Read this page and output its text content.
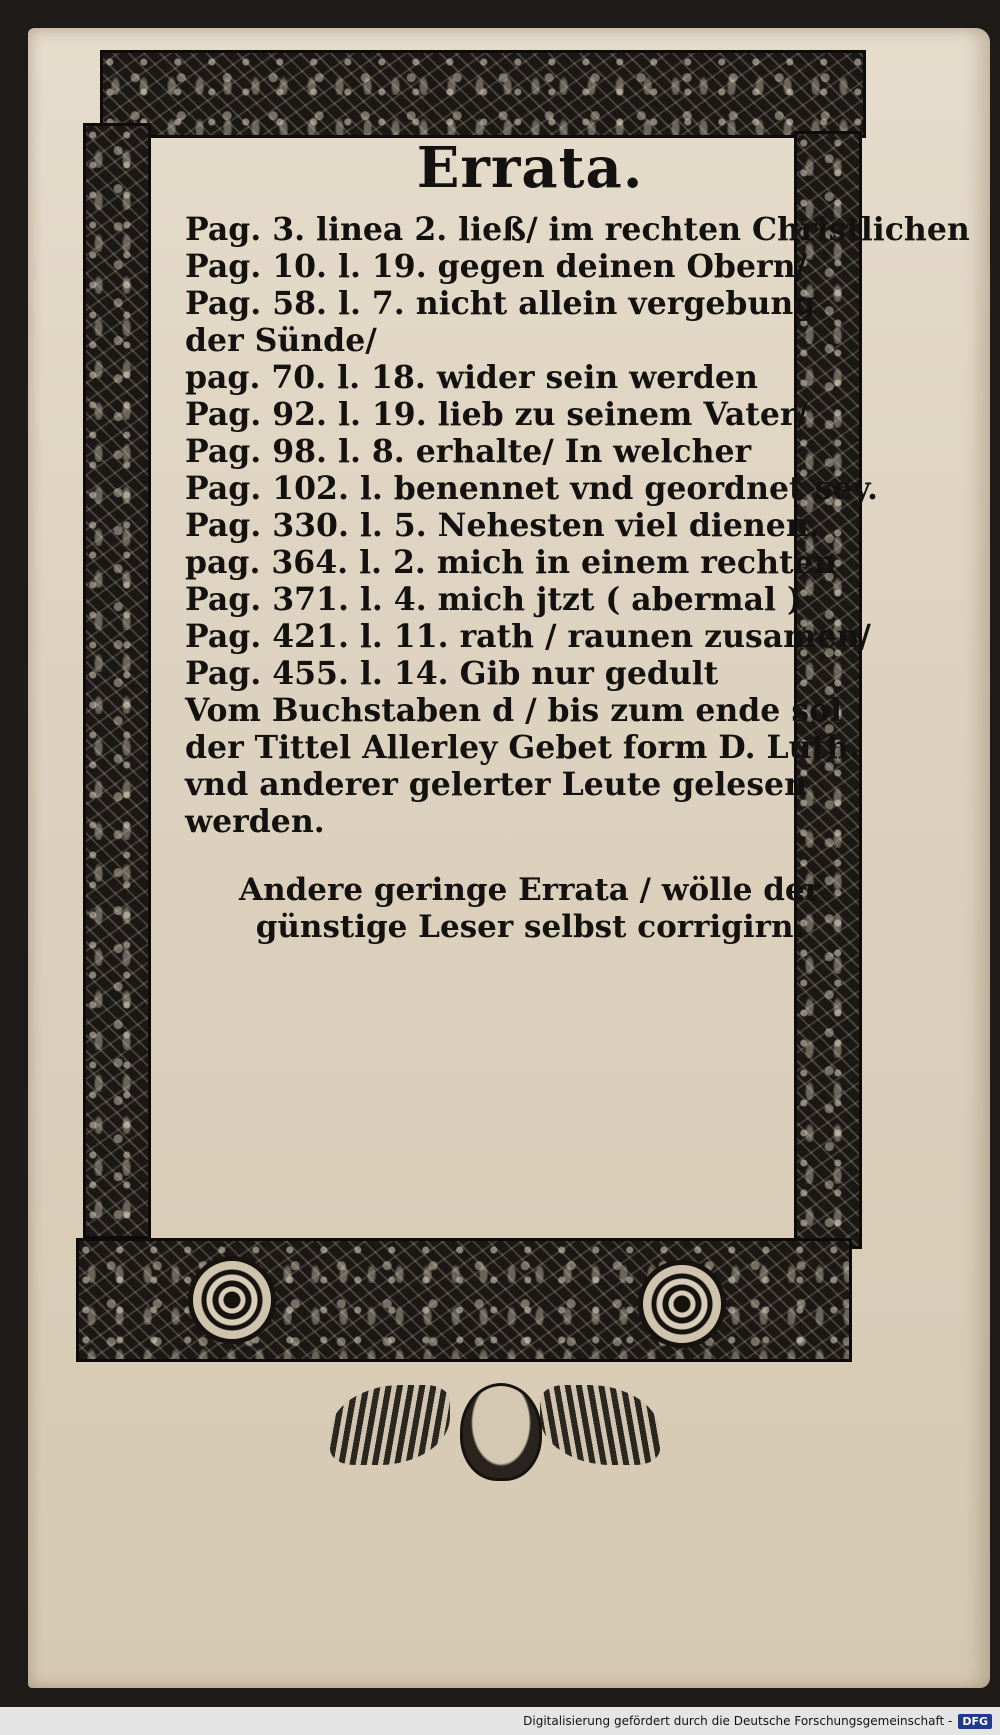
Errata.
Pag. 3. linea 2. ließ/ im rechten Christlichen
Pag. 10. l. 19. gegen deinen Obern/
Pag. 58. l. 7. nicht allein vergebung der Sünde/
pag. 70. l. 18. wider sein werden
Pag. 92. l. 19. lieb zu seinem Vater/
Pag. 98. l. 8. erhalte/ In welcher
Pag. 102. l. benennet vnd geordnet sey.
Pag. 330. l. 5. Nehesten viel dienen.
pag. 364. l. 2. mich in einem rechten
Pag. 371. l. 4. mich jtzt ( abermal )
Pag. 421. l. 11. rath / raunen zusamen/
Pag. 455. l. 14. Gib nur gedult
Vom Buchstaben d / bis zum ende sol der Tittel Allerley Gebet form D. Luth. vnd anderer gelerter Leute gelesen werden.

Andere geringe Errata / wölle der günstige Leser selbst corrigirn.

Digitalisierung gefördert durch die Deutsche Forschungsgemeinschaft - DFG
